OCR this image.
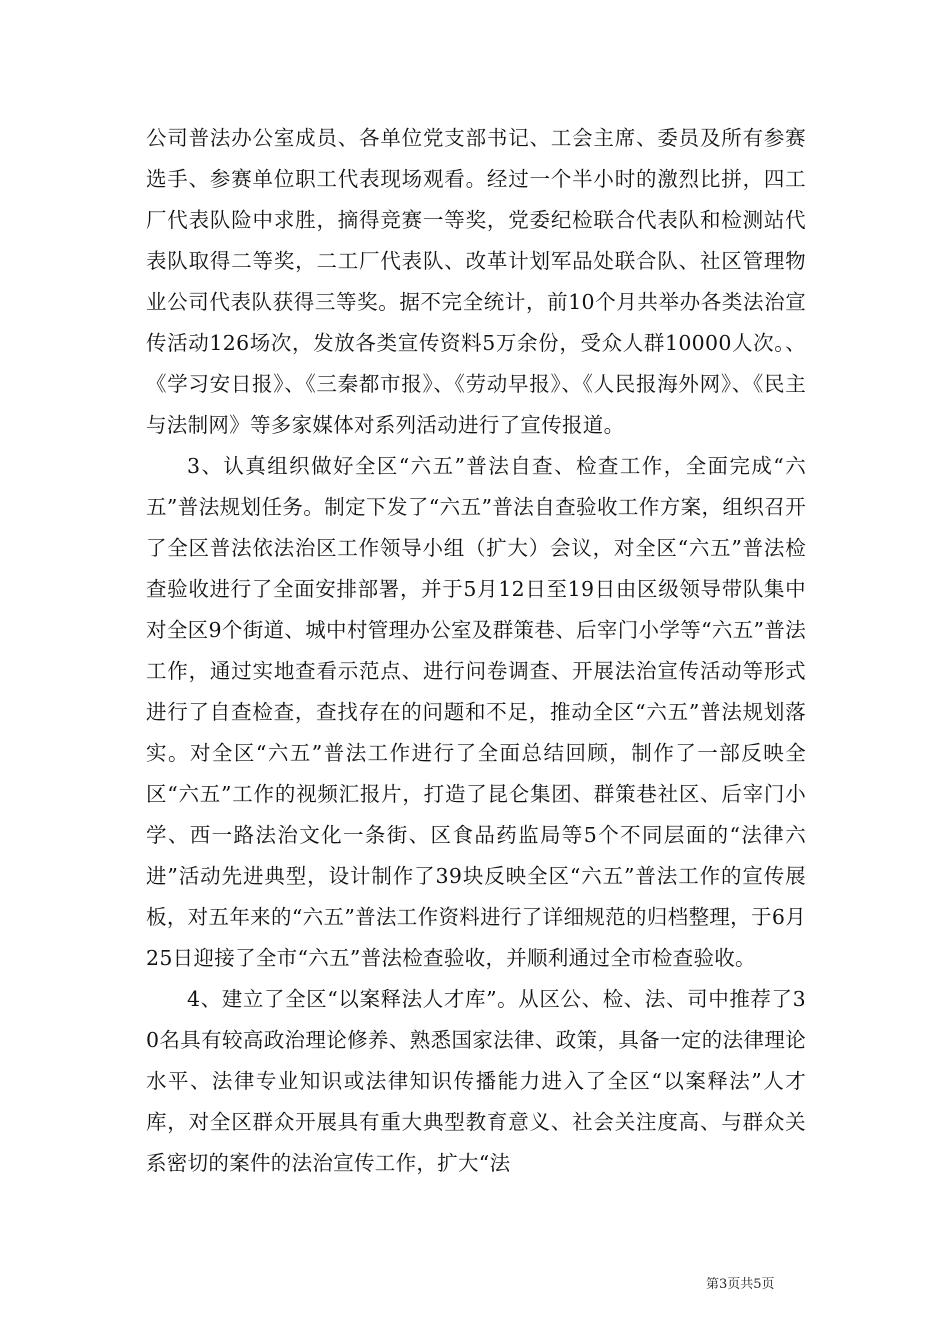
公司普法办公室成员、各单位党支部书记、工会主席、委员及所有参赛选手、参赛单位职工代表现场观看。经过一个半小时的激烈比拼，四工厂代表队险中求胜，摘得竞赛一等奖，党委纪检联合代表队和检测站代表队取得二等奖，二工厂代表队、改革计划军品处联合队、社区管理物业公司代表队获得三等奖。据不完全统计，前10个月共举办各类法治宣传活动126场次，发放各类宣传资料5万余份，受众人群10000人次。、《学习安日报》、《三秦都市报》、《劳动早报》、《人民报海外网》、《民主与法制网》等多家媒体对系列活动进行了宣传报道。

3、认真组织做好全区“六五”普法自查、检查工作，全面完成“六五”普法规划任务。制定下发了“六五”普法自查验收工作方案，组织召开了全区普法依法治区工作领导小组（扩大）会议，对全区“六五”普法检查验收进行了全面安排部署，并于5月12日至19日由区级领导带队集中对全区9个街道、城中村管理办公室及群策巷、后宰门小学等“六五”普法工作，通过实地查看示范点、进行问卷调查、开展法治宣传活动等形式进行了自查检查，查找存在的问题和不足，推动全区“六五”普法规划落实。对全区“六五”普法工作进行了全面总结回顾，制作了一部反映全区“六五”工作的视频汇报片，打造了昆仑集团、群策巷社区、后宰门小学、西一路法治文化一条街、区食品药监局等5个不同层面的“法律六进”活动先进典型，设计制作了39块反映全区“六五”普法工作的宣传展板，对五年来的“六五”普法工作资料进行了详细规范的归档整理，于6月25日迎接了全市“六五”普法检查验收，并顺利通过全市检查验收。

4、建立了全区“以案释法人才库”。从区公、检、法、司中推荐了30名具有较高政治理论修养、熟悉国家法律、政策，具备一定的法律理论水平、法律专业知识或法律知识传播能力进入了全区“以案释法”人才库，对全区群众开展具有重大典型教育意义、社会关注度高、与群众关系密切的案件的法治宣传工作，扩大“法

第3页共5页
